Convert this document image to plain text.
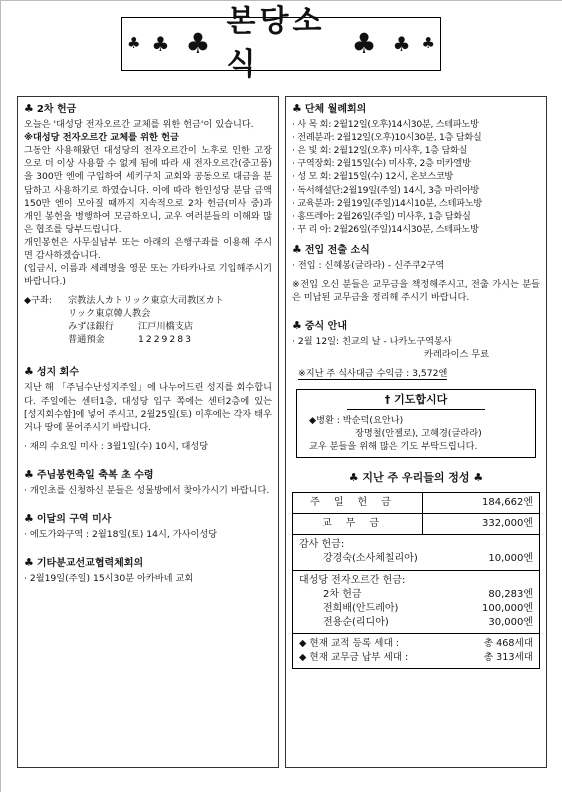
♣ ♣ ♣
본당소식
♣ ♣ ♣
♣ 2차 헌금

오늘은 '대성당 전자오르간 교체를 위한 헌금'이 있습니다.

※대성당 전자오르간 교체를 위한 헌금

그동안 사용해왔던 대성당의 전자오르간이 노후로 인한 고장으로 더 이상 사용할 수 없게 됨에 따라 새 전자오르간(중고품)을 300만 엔에 구입하여 세키구치 교회와 공동으로 대금을 분담하고 사용하기로 하였습니다. 이에 따라 한인성당 분담 금액 150만 엔이 모아질 때까지 지속적으로 2차 헌금(미사 중)과 개인 봉헌을 병행하여 모금하오니, 교우 여러분들의 이해와 많은 협조를 당부드립니다.

개인봉헌은 사무실납부 또는 아래의 은행구좌를 이용해 주시면 감사하겠습니다.

(입금시, 이름과 세례명을 영문 또는 가타카나로 기입해주시기 바랍니다.)

◆구좌:	宗教法人カトリック東京大司教区カト
リック東京韓人教会
みずほ銀行	江戸川橋支店
普通預金	1229283
♣ 성지 회수

지난 해 「주님수난성지주일」에 나누어드린 성지를 회수합니다. 주일에는 센터1층, 대성당 입구 쪽에는 센터2층에 있는 [성지회수함]에 넣어 주시고, 2월25일(토) 이후에는 각자 태우거나 땅에 묻어주시기 바랍니다.

· 재의 수요일 미사 : 3월1일(수) 10시, 대성당
♣ 주님봉헌축일 축복 초 수령
· 개인초를 신청하신 분들은 성물방에서 찾아가시기 바랍니다.
♣ 이달의 구역 미사
· 에도가와구역 : 2월18일(토) 14시, 가사이성당
♣ 기타분교선교협력체회의
· 2월19일(주일) 15시30분 아카바네 교회
♣ 단체 월례회의
· 사 목 회: 2월12일(오후)14시30분, 스테파노방
· 전례분과: 2월12일(오후)10시30분, 1층 담화실
· 은 빛 회: 2월12일(오후) 미사후, 1층 담화실
· 구역장회: 2월15일(수) 미사후, 2층 미카엘방
· 성 모 회: 2월15일(수) 12시, 온보스코방
· 독서해설단:2월19일(주일) 14시, 3층 마리아방
· 교육분과: 2월19일(주일)14시10분, 스테파노방
· 홍뜨레아: 2월26일(주일) 미사후, 1층 담화실
· 꾸 리 아: 2월26일(주일)14시30분, 스테파노방
♣ 전입 전출 소식
· 전입 : 신혜봉(글라라) - 신주쿠2구역

※전입 오신 분들은 교무금을 책정해주시고, 전출 가시는 분들은 미납된 교무금을 정리해 주시기 바랍니다.

♣ 중식 안내
· 2월 12일: 친교의 날 - 나카노구역봉사
카레라이스 무료
※지난 주 식사대금 수익금 : 3,572엔
† 기도합시다
◆병환 : 박순덕(요안나)
장명철(안젤로), 고혜경(글라라)
교우 분들을 위해 많은 기도 부탁드립니다.
♣ 지난 주 우리들의 정성 ♣
주일헌금	184,662엔
교무금	332,000엔
감사 헌금:
강경숙(소사체칠리아)	10,000엔
대성당 전자오르간 헌금:
2차 헌금	80,283엔
전희배(안드레아)	100,000엔
전용순(리디아)	30,000엔
◆ 현재 교적 등록 세대 :	총 468세대
◆ 현재 교무금 납부 세대 :	총 313세대
